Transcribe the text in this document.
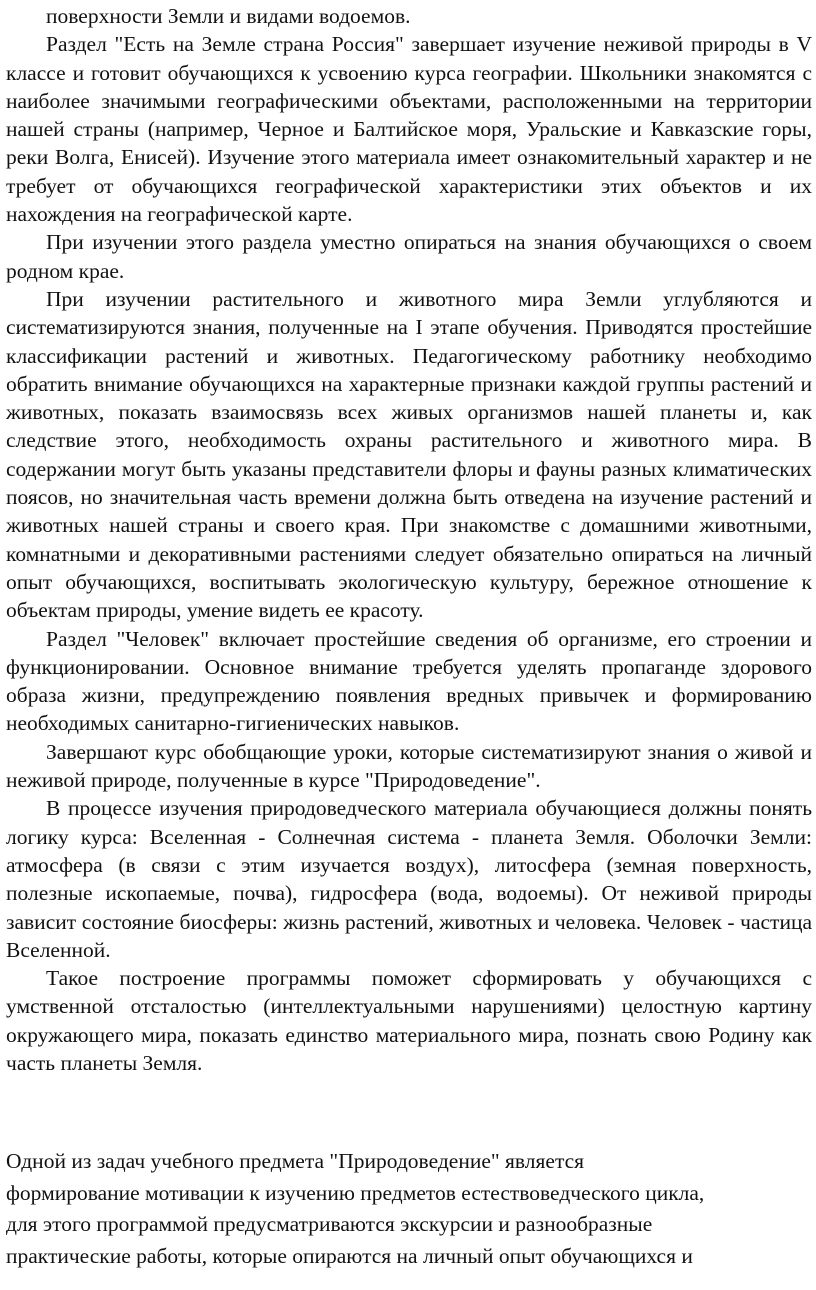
поверхности Земли и видами водоемов.

Раздел "Есть на Земле страна Россия" завершает изучение неживой природы в V классе и готовит обучающихся к усвоению курса географии. Школьники знакомятся с наиболее значимыми географическими объектами, расположенными на территории нашей страны (например, Черное и Балтийское моря, Уральские и Кавказские горы, реки Волга, Енисей). Изучение этого материала имеет ознакомительный характер и не требует от обучающихся географической характеристики этих объектов и их нахождения на географической карте.

При изучении этого раздела уместно опираться на знания обучающихся о своем родном крае.

При изучении растительного и животного мира Земли углубляются и систематизируются знания, полученные на I этапе обучения. Приводятся простейшие классификации растений и животных. Педагогическому работнику необходимо обратить внимание обучающихся на характерные признаки каждой группы растений и животных, показать взаимосвязь всех живых организмов нашей планеты и, как следствие этого, необходимость охраны растительного и животного мира. В содержании могут быть указаны представители флоры и фауны разных климатических поясов, но значительная часть времени должна быть отведена на изучение растений и животных нашей страны и своего края. При знакомстве с домашними животными, комнатными и декоративными растениями следует обязательно опираться на личный опыт обучающихся, воспитывать экологическую культуру, бережное отношение к объектам природы, умение видеть ее красоту.

Раздел "Человек" включает простейшие сведения об организме, его строении и функционировании. Основное внимание требуется уделять пропаганде здорового образа жизни, предупреждению появления вредных привычек и формированию необходимых санитарно-гигиенических навыков.

Завершают курс обобщающие уроки, которые систематизируют знания о живой и неживой природе, полученные в курсе "Природоведение".

В процессе изучения природоведческого материала обучающиеся должны понять логику курса: Вселенная - Солнечная система - планета Земля. Оболочки Земли: атмосфера (в связи с этим изучается воздух), литосфера (земная поверхность, полезные ископаемые, почва), гидросфера (вода, водоемы). От неживой природы зависит состояние биосферы: жизнь растений, животных и человека. Человек - частица Вселенной.

Такое построение программы поможет сформировать у обучающихся с умственной отсталостью (интеллектуальными нарушениями) целостную картину окружающего мира, показать единство материального мира, познать свою Родину как часть планеты Земля.

Одной из задач учебного предмета "Природоведение" является

формирование мотивации к изучению предметов естествоведческого цикла,

для этого программой предусматриваются экскурсии и разнообразные

практические работы, которые опираются на личный опыт обучающихся и
